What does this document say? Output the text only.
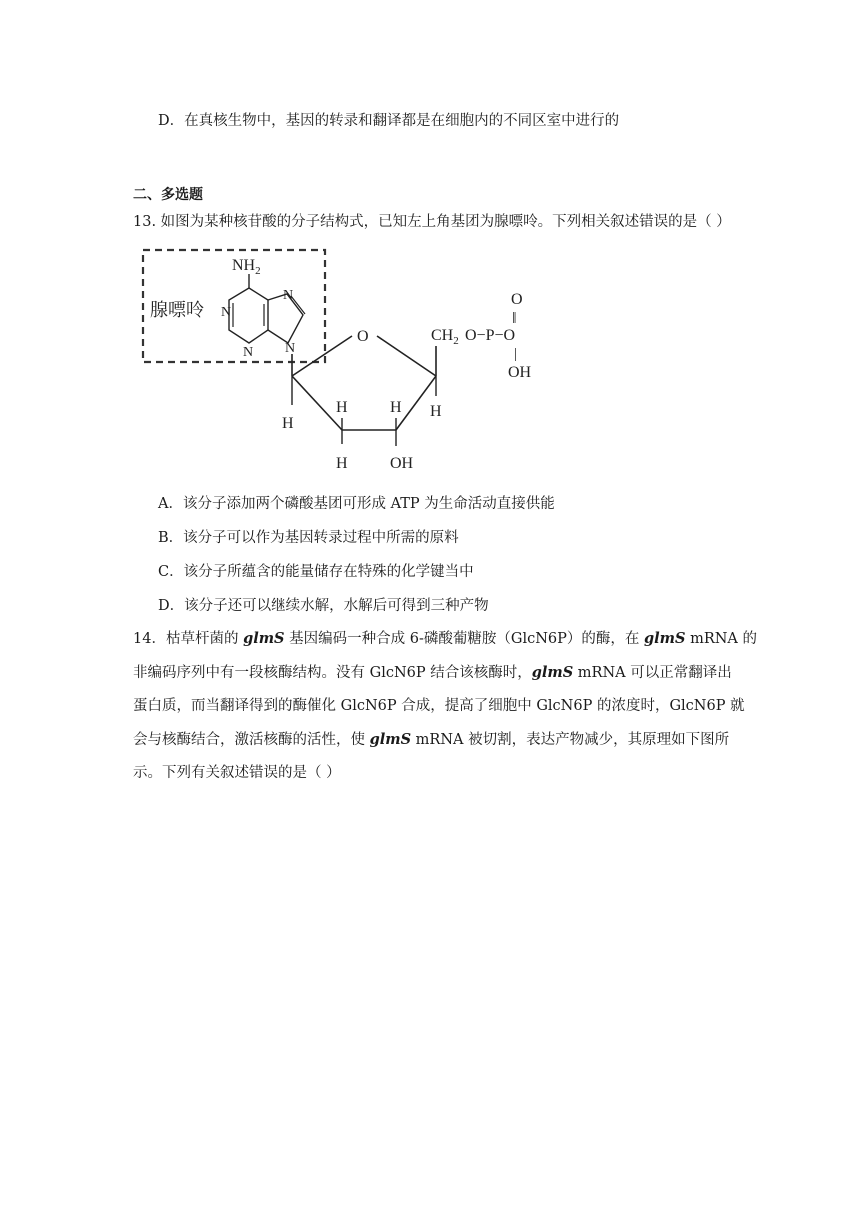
D．在真核生物中，基因的转录和翻译都是在细胞内的不同区室中进行的
二、多选题
13. 如图为某种核苷酸的分子结构式，已知左上角基团为腺嘌呤。下列相关叙述错误的是（ ）
腺嘌呤
$NH_2$
N
N
N
N
O
H
H
H
H
OH
H
$CH_2$ O−P−O
O
‖
|
OH
A．该分子添加两个磷酸基团可形成 ATP 为生命活动直接供能
B．该分子可以作为基因转录过程中所需的原料
C．该分子所蕴含的能量储存在特殊的化学键当中
D．该分子还可以继续水解，水解后可得到三种产物

14．枯草杆菌的 glmS 基因编码一种合成 6-磷酸葡糖胺（GlcN6P）的酶，在 glmS mRNA 的

非编码序列中有一段核酶结构。没有 GlcN6P 结合该核酶时，glmS mRNA 可以正常翻译出

蛋白质，而当翻译得到的酶催化 GlcN6P 合成，提高了细胞中 GlcN6P 的浓度时，GlcN6P 就

会与核酶结合，激活核酶的活性，使 glmS mRNA 被切割，表达产物减少，其原理如下图所

示。下列有关叙述错误的是（ ）
